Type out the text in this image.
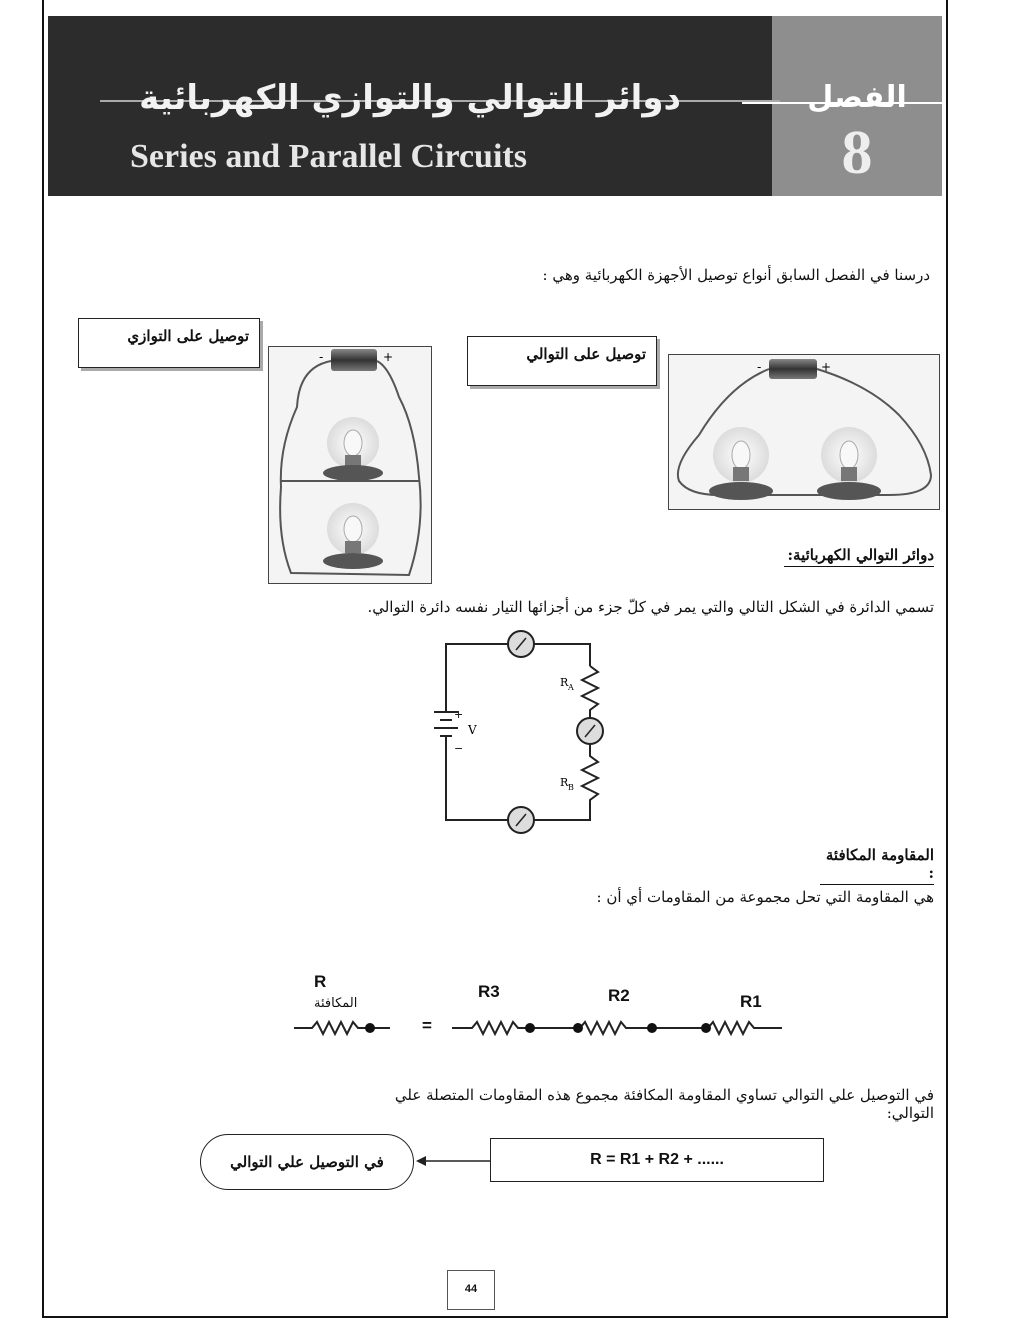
دوائر التوالي والتوازي الكهربائية
Series and Parallel Circuits
الفصل
8
درسنا في الفصل السابق أنواع توصيل الأجهزة الكهربائية وهي :
توصيل على التوازي
توصيل على التوالي
-	+
-	+
دوائر التوالي الكهربائية:
تسمي الدائرة في الشكل التالي والتي يمر في كلّ جزء من أجزائها التيار نفسه دائرة التوالي.
+
−
V
R A
R B
المقاومة المكافئة :
هي المقاومة التي تحل مجموعة من المقاومات أي أن :
R
المكافئة
R3	R2	R1
=
في التوصيل علي التوالي تساوي المقاومة المكافئة مجموع هذه المقاومات المتصلة علي التوالي:
R = R1 + R2 + ......
في التوصيل علي التوالي
44
